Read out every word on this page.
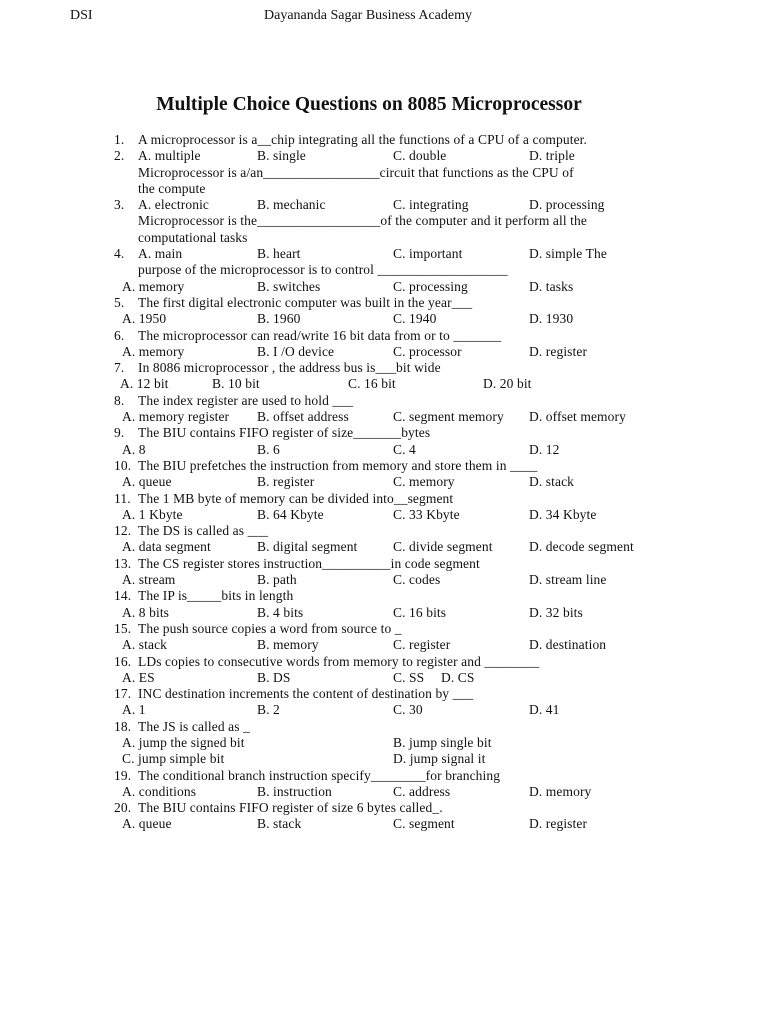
DSI	Dayananda Sagar Business Academy
Multiple Choice Questions on 8085 Microprocessor
1. A microprocessor is a__chip integrating all the functions of a CPU of a computer.
2. A. multiple	B. single	C. double	D. triple
Microprocessor is a/an_________________circuit that functions as the CPU of
the compute
3. A. electronic	B. mechanic	C. integrating	D. processing
Microprocessor is the__________________of the computer and it perform all the
computational tasks
4. A. main	B. heart	C. important	D. simple The
purpose of the microprocessor is to control ___________________
A. memory	B. switches	C. processing	D. tasks
5. The first digital electronic computer was built in the year___
A. 1950	B. 1960	C. 1940	D. 1930
6. The microprocessor can read/write 16 bit data from or to _______
A. memory	B. I /O device	C. processor	D. register
7. In 8086 microprocessor , the address bus is___bit wide
A. 12 bit	B. 10 bit	C. 16 bit	D. 20 bit
8. The index register are used to hold ___
A. memory register B. offset address	C. segment memory D. offset memory
9. The BIU contains FIFO register of size_______bytes
A. 8	B. 6	C. 4	D. 12
10. The BIU prefetches the instruction from memory and store them in ____
A. queue	B. register	C. memory	D. stack
11. The 1 MB byte of memory can be divided into__segment
A. 1 Kbyte	B. 64 Kbyte	C. 33 Kbyte	D. 34 Kbyte
12. The DS is called as ___
A. data segment	B. digital segment	C. divide segment	D. decode segment
13. The CS register stores instruction__________in code segment
A. stream	B. path	C. codes	D. stream line
14. The IP is_____bits in length
A. 8 bits	B. 4 bits	C. 16 bits	D. 32 bits
15. The push source copies a word from source to _
A. stack	B. memory	C. register	D. destination
16. LDs copies to consecutive words from memory to register and ________
A. ES	B. DS	C. SS D. CS
17. INC destination increments the content of destination by ___
A. 1	B. 2	C. 30	D. 41
18. The JS is called as _
A. jump the signed bit	B. jump single bit
C. jump simple bit	D. jump signal it
19. The conditional branch instruction specify________for branching
A. conditions	B. instruction	C. address	D. memory
20. The BIU contains FIFO register of size 6 bytes called_.
A. queue	B. stack	C. segment	D. register
